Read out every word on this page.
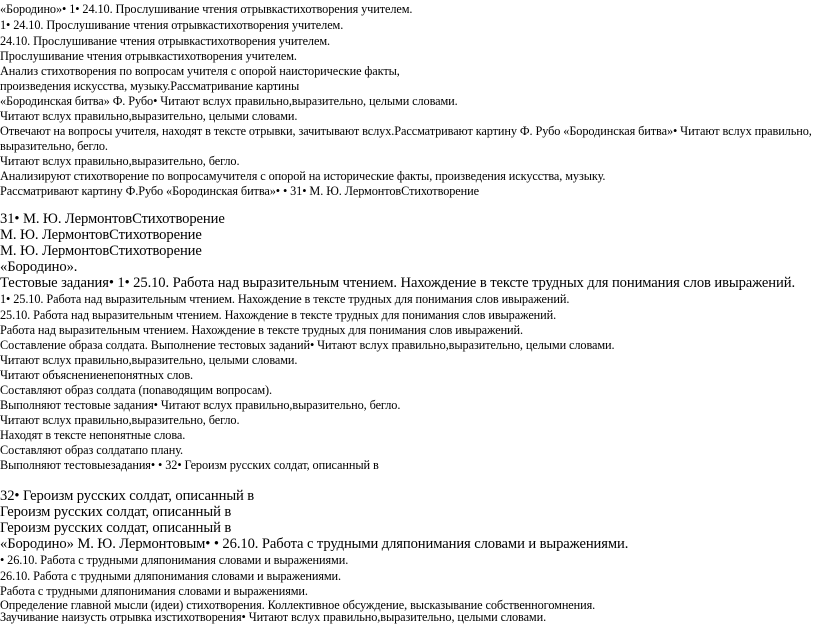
«Бородино»• 1• 24.10. Прослушивание чтения отрывкастихотворения учителем.
1• 24.10. Прослушивание чтения отрывкастихотворения учителем.
24.10. Прослушивание чтения отрывкастихотворения учителем.
Прослушивание чтения отрывкастихотворения учителем.
Анализ стихотворения по вопросам учителя с опорой наисторические факты,
произведения искусства, музыку.Рассматривание картины
«Бородинская битва» Ф. Рубо• Читают вслух правильно,выразительно, целыми словами.
Читают вслух правильно,выразительно, целыми словами.
Отвечают на вопросы учителя, находят в тексте отрывки, зачитывают вслух.Рассматривают картину Ф. Рубо «Бородинская битва»• Читают вслух правильно,
выразительно, бегло.
Читают вслух правильно,выразительно, бегло.
Анализируют стихотворение по вопросамучителя с опорой на исторические факты, произведения искусства, музыку.
Рассматривают картину Ф.Рубо «Бородинская битва»• • 31• М. Ю. ЛермонтовСтихотворение
31• М. Ю. ЛермонтовСтихотворение
М. Ю. ЛермонтовСтихотворение
М. Ю. ЛермонтовСтихотворение
«Бородино».
Тестовые задания• 1• 25.10. Работа над выразительным чтением. Нахождение в тексте трудных для понимания слов ивыражений.
1• 25.10. Работа над выразительным чтением. Нахождение в тексте трудных для понимания слов ивыражений.
25.10. Работа над выразительным чтением. Нахождение в тексте трудных для понимания слов ивыражений.
Работа над выразительным чтением. Нахождение в тексте трудных для понимания слов ивыражений.
Составление образа солдата. Выполнение тестовых заданий• Читают вслух правильно,выразительно, целыми словами.
Читают вслух правильно,выразительно, целыми словами.
Читают объяснениенепонятных слов.
Составляют образ солдата (поnаводящим вопросам).
Выполняют тестовые задания• Читают вслух правильно,выразительно, бегло.
Читают вслух правильно,выразительно, бегло.
Находят в тексте непонятные слова.
Составляют образ солдатапо плану.
Выполняют тестовыезадания• • 32• Героизм русских солдат, описанный в
32• Героизм русских солдат, описанный в
Героизм русских солдат, описанный в
Героизм русских солдат, описанный в
«Бородино» М. Ю. Лермонтовым• • 26.10. Работа с трудными дляпонимания словами и выражениями.
• 26.10. Работа с трудными дляпонимания словами и выражениями.
26.10. Работа с трудными дляпонимания словами и выражениями.
Работа с трудными дляпонимания словами и выражениями.
Определение главной мысли (идеи) стихотворения. Коллективное обсуждение, высказывание собственногомнения.
Заучивание наизусть отрывка изстихотворения• Читают вслух правильно,выразительно, целыми словами.
